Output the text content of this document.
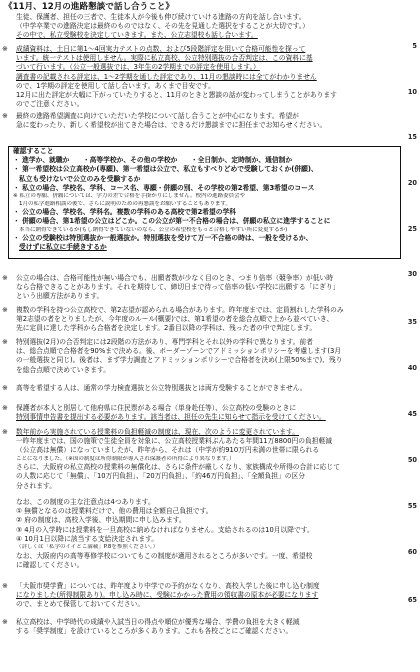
《11月、12月の進路懇談で話し合うこと》
生徒、保護者、担任の三者で、生徒本人が今後も伸び続けていける進路の方向を話し合います。
（中学卒業での進路決定は最終のものではなく、その先を見通した選択をすることが大切です。）
その中で、私立受験校を決定していきます。また、公立志望校も話し合います。
※ 成績資料は、土日に第1～4回実力テストの点数、および5段階評定を用いて合格可能性を探って
います。統一テストは使用しません。実際に私立高校、公立特別選抜の合否判定は、この資料に基
づいて行います。（公立一般選抜では、3年生の2学期までの評定を使用します。）
調査書の記載される評定は、1～2学期を通した評定であり、11月の懇談時には全てがわかりません
ので、1学期の評定を使用して話し合います。あくまで目安です。
12月に出た評定が大幅に下がっていたりすると、11月のときと懇談の話が変わってしまうことがあります
のでご注意ください。
※ 最終の進路希望調査に向けていただいた学校について話し合うことが中心になります。希望が
急に変わったり、新しく希望校が出てきた場合は、できるだけ懇談までに担任までお知らせください。
※ 公立の場合は、合格可能性が無い場合でも、出願者数が少なく目のとき、つまり倍率（競争率）が低い時
なら合格できることがあります。それを期待して、締切日まで待って倍率の低い学校に出願する「にぎり」
という出願方法があります。
※ 複数の学科を持つ公立高校で、第2志望が認められる場合があります。昨年度までは、定員割れした学科のみ
第2志望の者をとりましたが、今年度のルール(概要)では、第1希望の者を総合点順で上から並べていき、
先に定員に達した学科から合格者を決定します。2番目以降の学科は、残った者の中で判定します。
※ 特別選抜(2月)の合否判定には2段階の方法があり、専門学科とそれ以外の学科で異なります。前者
は、総合点順で合格者を90%まで決める。後、ボーダーゾーンでアドミッションポリシーを考慮します(3月
の一般選抜と同じ)。後者は、まず学力調査とアドミッションポリシーで合格者を決め(上限50%まで)、残り
を総合点順で決めていきます。
※ 高等を希望する人は、通常の学力検査選抜と公立特別選抜とは両方受験することができません。
※ 保護者が本人と別居して他府県に住民票がある場合（単身赴任等）、公立高校の受験のときに
特別事情申告書を提出する必要があります。該当者は、担任の先生に知らせて指示を受けてください。
※ 数年前から実施されている授業料の負担軽減の制度は、現在、次のように変更されています。
一昨年度までは、国の施策で生徒全員を対象に、公立高校授業料ぶんあたる年間11万8800円の負担軽減
（公立高は無償）になっていましたが、昨年から、それは（中学が約910万円未満の世帯に限られる
ことになりました。（※国の制度は所得制限が導入され保護者の所得により異なります。）
さらに、大阪府の私立高校の授業料の無償化は、さらに条件が厳しくなり、家族構成や所得の合計に応じて
の人数に応じて「無償」、「10万円負担」、「20万円負担」、「約46万円負担」、「全額負担」の区分
分されます。
なお、この制度の主な注意点は4つあります。
① 無償となるのは授業料だけで、他の費用は全額自己負担です。
② 府の制度は、高校入学後、申込期間に申し込みます。
③ 4月の入学時には授業料を一旦高校に納めなければなりません。支給されるのは10月以降です。
④ 10月1日以降に該当する支給決定されます。
（詳しくは「私学のイイとこ満載」P.8を参照ください。）
なお、大阪府内の高等専修学校についてもこの制度が適用されるところが多いです。一度、希望校
に確認してください。
※ 「大阪市奨学費」については、昨年度より中学での予約がなくなり、高校入学した後に申し込む制度
になりました(所得制限あり)。申し込み時に、受験にかかった費用の領収書の原本が必要になります
ので、まとめて保管しておいてください。
※ 私立高校は、中学時代の成績や入試当日の得点や順位が優秀な場合、学費の負担を大きく軽減
する「奨学制度」を設けているところが多くあります。これも各校ごとにご確認ください。
確認すること
・ 進学か、就職か　　・高等学校か、その他の学校か　　・全日制か、定時制か、通信制か
・ 第一希望校は公立高校か(専願)、第一希望は公立で、私立もすべりどめで受験しておくか(併願)、
私立も受けないで公立のみを受験するか
・ 私立の場合、学校名、学科、コース名、専願・併願の別、その学校の第2希望、第3希望のコース
※ 私立の専願、併願については、学力の差で合格を手掛かりにしません。校内の進路委員会や
1月の私学進路相談の後で、さらに説明のための再懇談をお願いすることもあります。
・ 公立の場合、学校名、学科名。複数の学科のある高校で第2希望の学科
・ 併願の場合、第1希望の公立はどこか。この公立が第一不合格の場合は、併願の私立に進学することに
本当に納得できているか(もし納得できていないのなら、公立の希望校をもっと合格しやすい所に変更するか)
・ 公立の受験校は特別選抜か一般選抜か。特別選抜を受けて万一不合格の時は、一般を受けるか、
受けずに私立に手続きするか
5
10
15
20
25
30
35
40
45
50
55
60
65
